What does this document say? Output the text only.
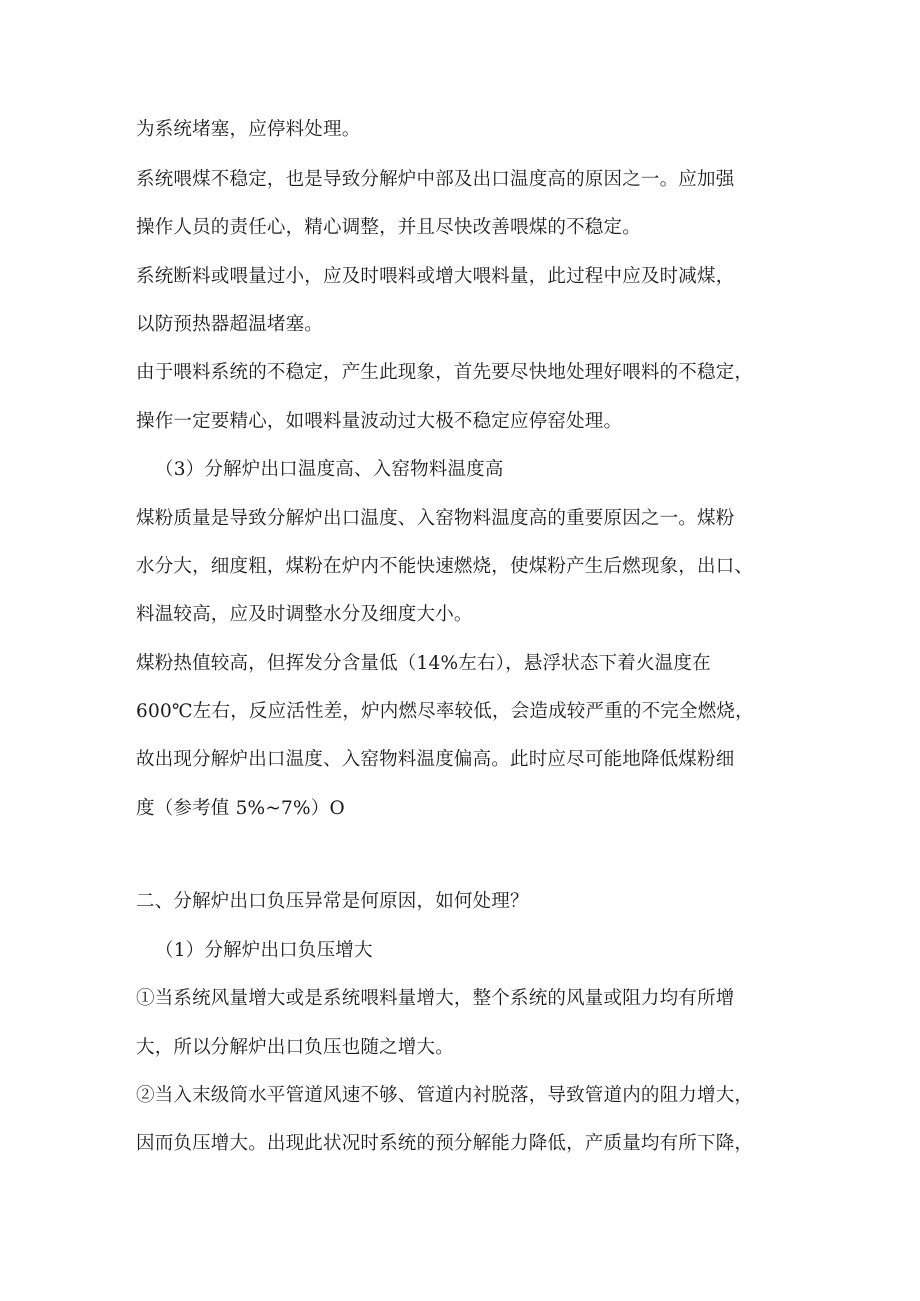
为系统堵塞，应停料处理。

系统喂煤不稳定，也是导致分解炉中部及出口温度高的原因之一。应加强

操作人员的责任心，精心调整，并且尽快改善喂煤的不稳定。

系统断料或喂量过小，应及时喂料或增大喂料量，此过程中应及时减煤，

以防预热器超温堵塞。

由于喂料系统的不稳定，产生此现象，首先要尽快地处理好喂料的不稳定，

操作一定要精心，如喂料量波动过大极不稳定应停窑处理。

（3）分解炉出口温度高、入窑物料温度高

煤粉质量是导致分解炉出口温度、入窑物料温度高的重要原因之一。煤粉

水分大，细度粗，煤粉在炉内不能快速燃烧，使煤粉产生后燃现象，出口、

料温较高，应及时调整水分及细度大小。

煤粉热值较高，但挥发分含量低（14%左右），悬浮状态下着火温度在

600℃左右，反应活性差，炉内燃尽率较低，会造成较严重的不完全燃烧，

故出现分解炉出口温度、入窑物料温度偏高。此时应尽可能地降低煤粉细

度（参考值 5%~7%）O

二、分解炉出口负压异常是何原因，如何处理？

（1）分解炉出口负压增大

①当系统风量增大或是系统喂料量增大，整个系统的风量或阻力均有所增

大，所以分解炉出口负压也随之增大。

②当入末级筒水平管道风速不够、管道内衬脱落，导致管道内的阻力增大，

因而负压增大。出现此状况时系统的预分解能力降低，产质量均有所下降，
